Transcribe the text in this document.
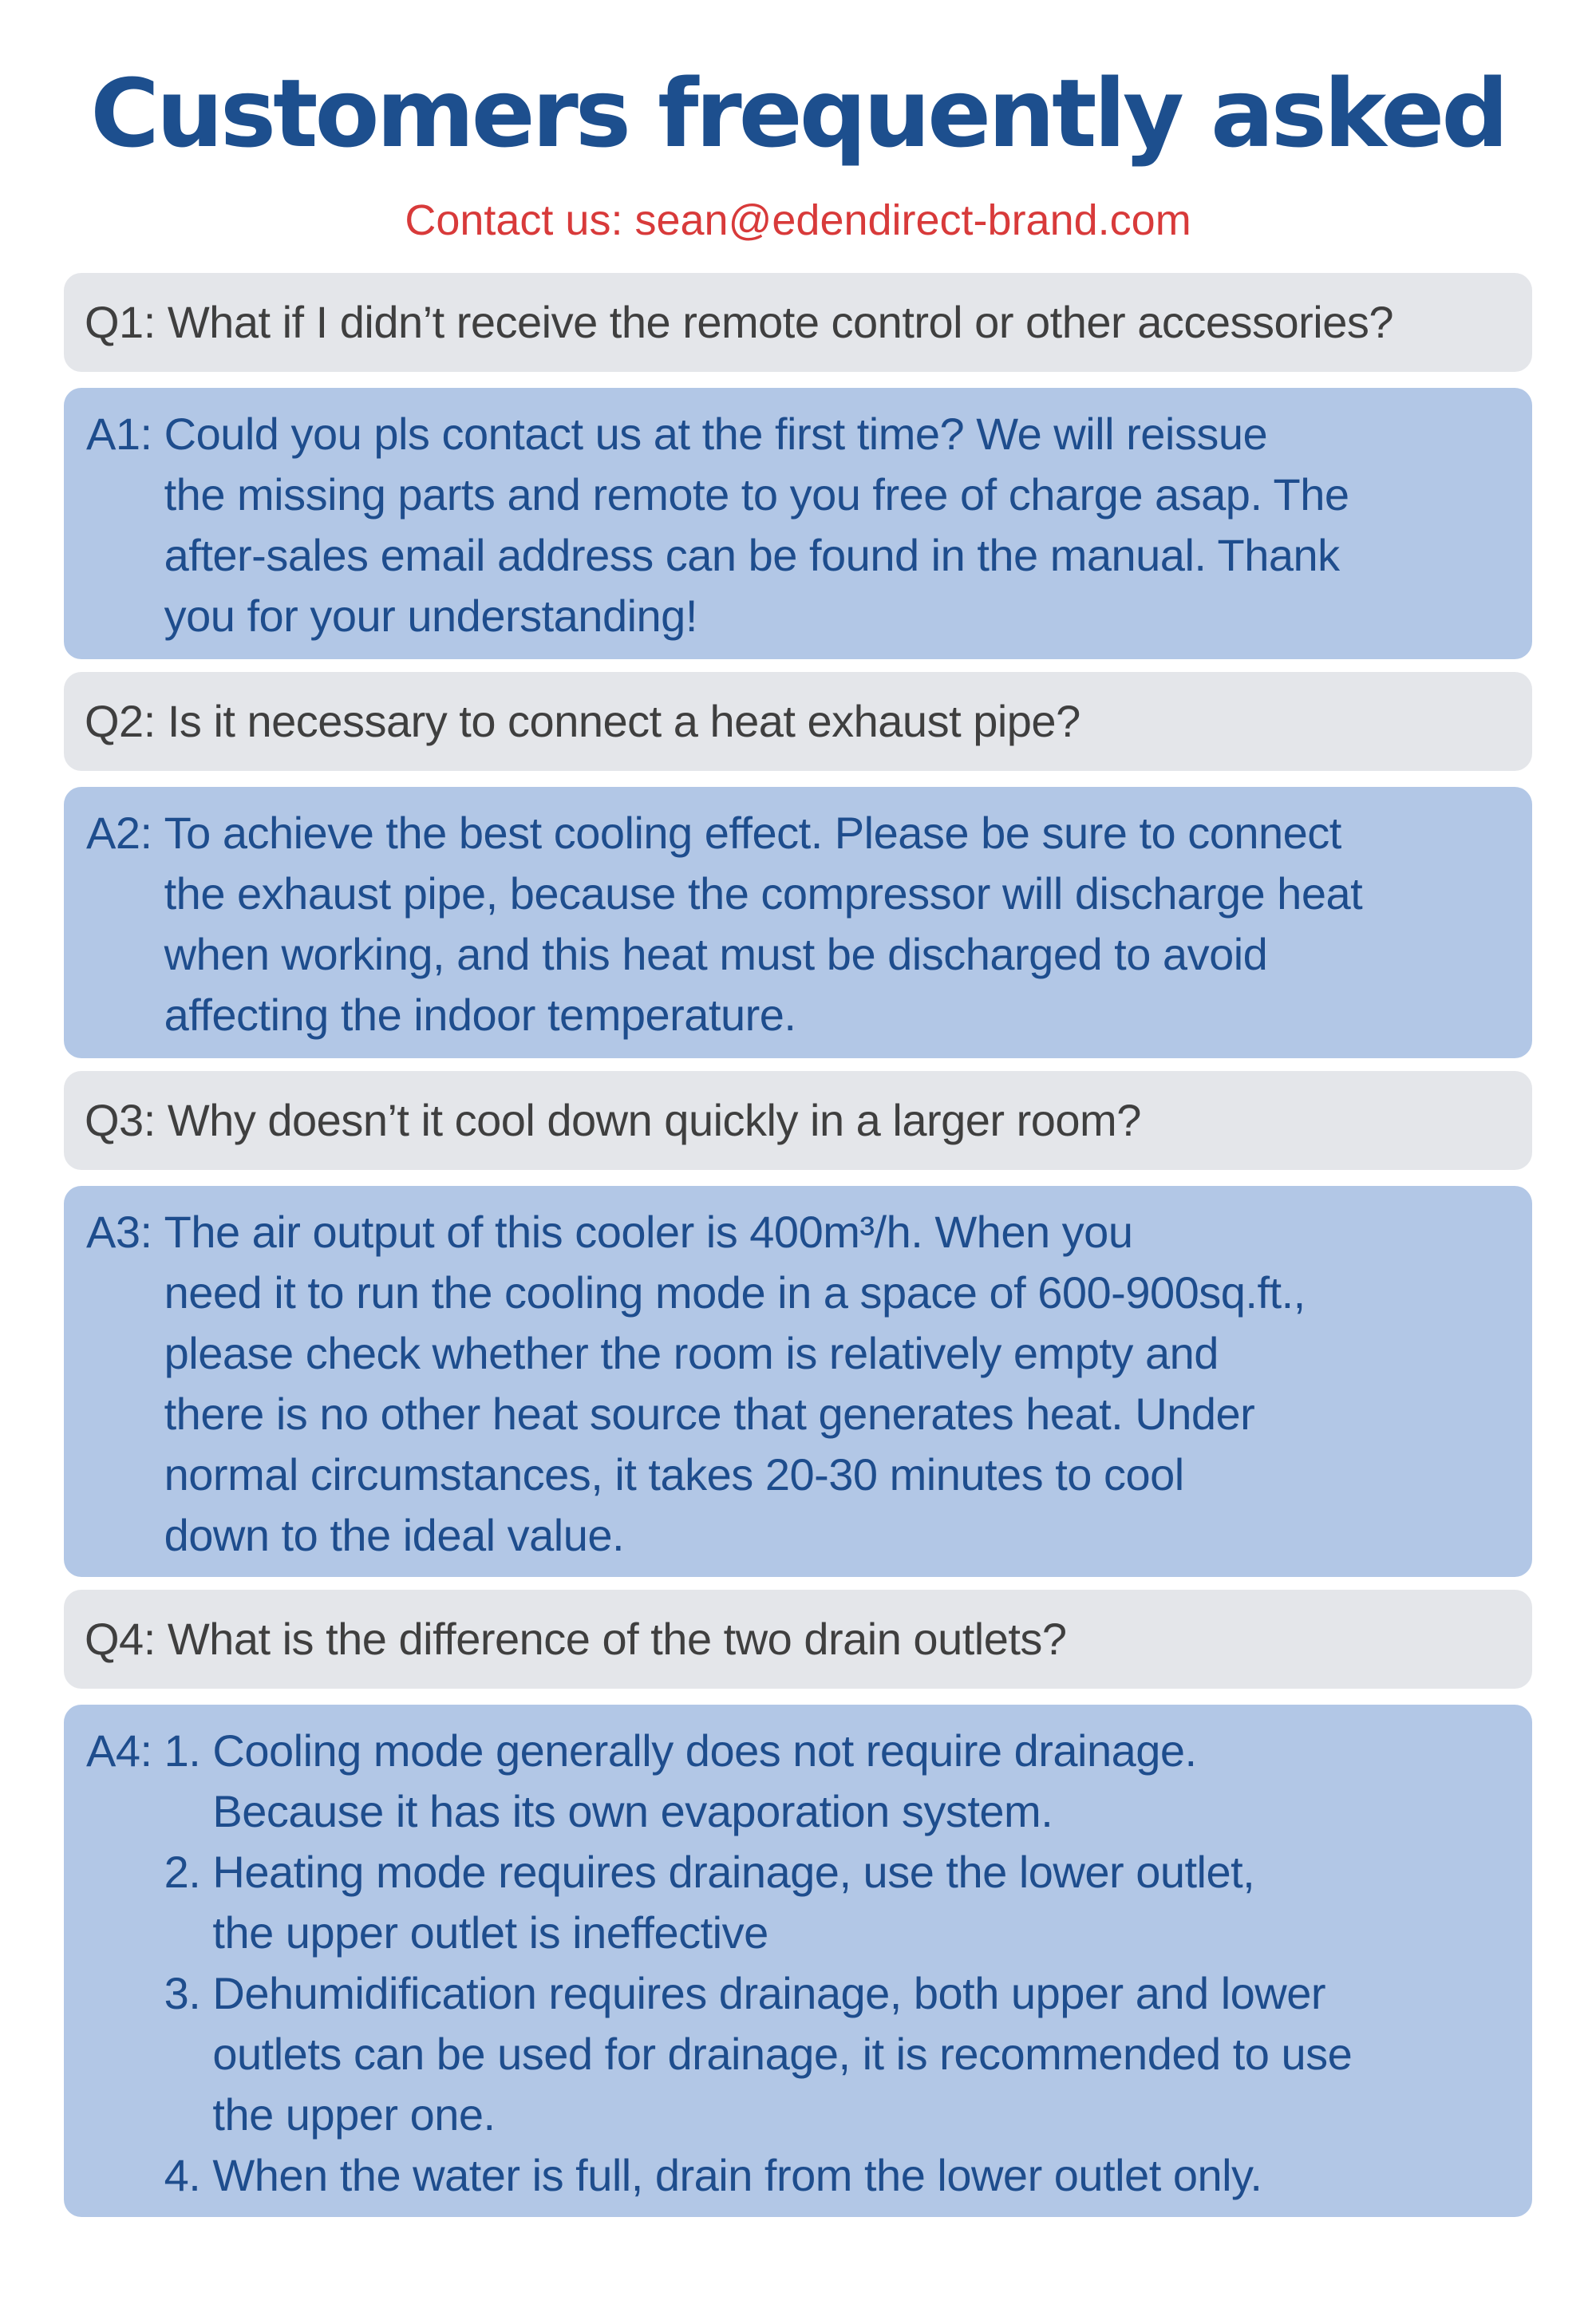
Customers frequently asked
Contact us: sean@edendirect-brand.com
Q1:
What if I didn’t receive the remote control or other accessories?
A1:
Could you pls contact us at the first time? We will reissue
the missing parts and remote to you free of charge asap. The
after-sales email address can be found in the manual. Thank
you for your understanding!
Q2:
Is it necessary to connect a heat exhaust pipe?
A2:
To achieve the best cooling effect. Please be sure to connect
the exhaust pipe, because the compressor will discharge heat
when working, and this heat must be discharged to avoid
affecting the indoor temperature.
Q3:
Why doesn’t it cool down quickly in a larger room?
A3:
The air output of this cooler is 400m³/h. When you
need it to run the cooling mode in a space of 600-900sq.ft.,
please check whether the room is relatively empty and
there is no other heat source that generates heat. Under
normal circumstances, it takes 20-30 minutes to cool
down to the ideal value.
Q4:
What is the difference of the two drain outlets?
A4:
1.
Cooling mode generally does not require drainage.
Because it has its own evaporation system.
2.
Heating mode requires drainage, use the lower outlet,
the upper outlet is ineffective
3.
Dehumidification requires drainage, both upper and lower
outlets can be used for drainage, it is recommended to use
the upper one.
4.
When the water is full, drain from the lower outlet only.
